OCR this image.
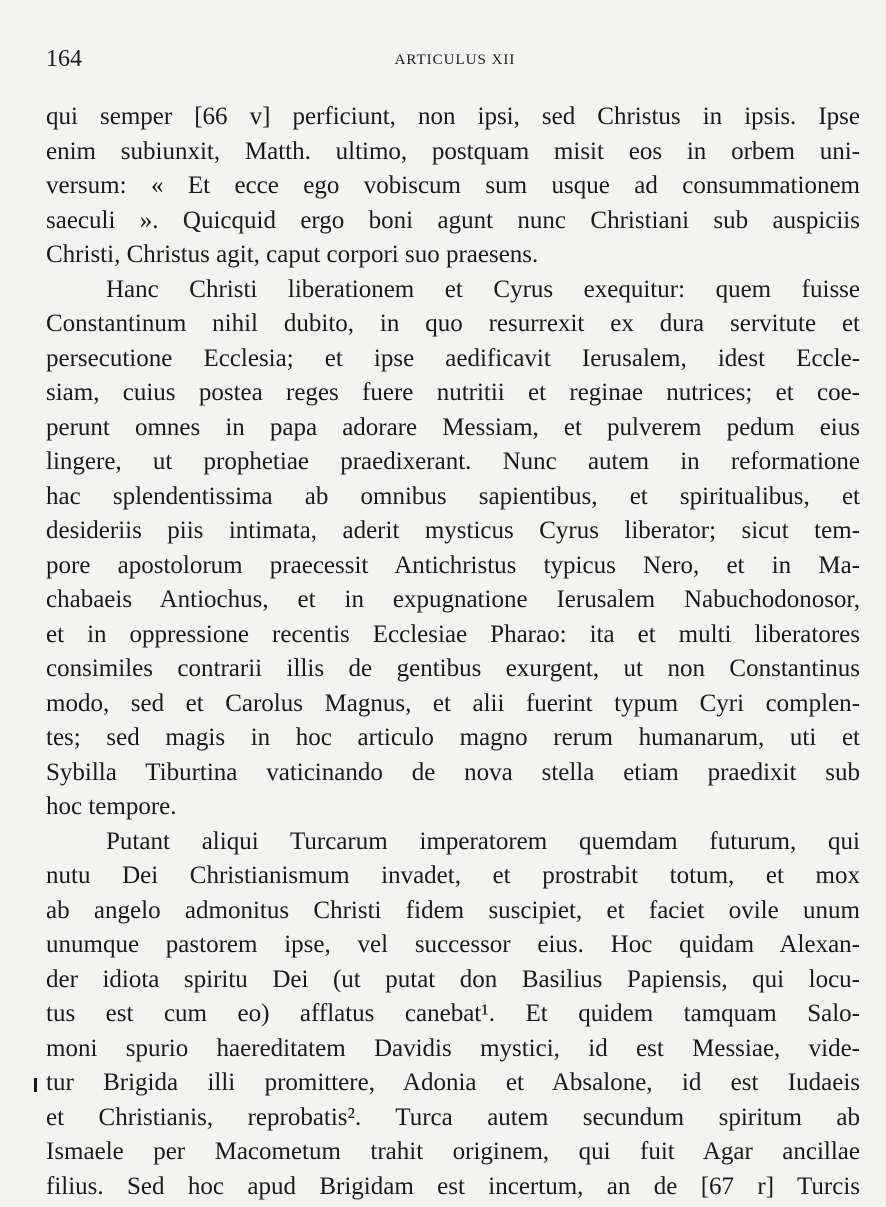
164	ARTICULUS XII
qui semper [66 v] perficiunt, non ipsi, sed Christus in ipsis. Ipse
enim subiunxit, Matth. ultimo, postquam misit eos in orbem uni-
versum: « Et ecce ego vobiscum sum usque ad consummationem
saeculi ». Quicquid ergo boni agunt nunc Christiani sub auspiciis
Christi, Christus agit, caput corpori suo praesens.
Hanc Christi liberationem et Cyrus exequitur: quem fuisse
Constantinum nihil dubito, in quo resurrexit ex dura servitute et
persecutione Ecclesia; et ipse aedificavit Ierusalem, idest Eccle-
siam, cuius postea reges fuere nutritii et reginae nutrices; et coe-
perunt omnes in papa adorare Messiam, et pulverem pedum eius
lingere, ut prophetiae praedixerant. Nunc autem in reformatione
hac splendentissima ab omnibus sapientibus, et spiritualibus, et
desideriis piis intimata, aderit mysticus Cyrus liberator; sicut tem-
pore apostolorum praecessit Antichristus typicus Nero, et in Ma-
chabaeis Antiochus, et in expugnatione Ierusalem Nabuchodonosor,
et in oppressione recentis Ecclesiae Pharao: ita et multi liberatores
consimiles contrarii illis de gentibus exurgent, ut non Constantinus
modo, sed et Carolus Magnus, et alii fuerint typum Cyri complen-
tes; sed magis in hoc articulo magno rerum humanarum, uti et
Sybilla Tiburtina vaticinando de nova stella etiam praedixit sub
hoc tempore.
Putant aliqui Turcarum imperatorem quemdam futurum, qui
nutu Dei Christianismum invadet, et prostrabit totum, et mox
ab angelo admonitus Christi fidem suscipiet, et faciet ovile unum
unumque pastorem ipse, vel successor eius. Hoc quidam Alexan-
der idiota spiritu Dei (ut putat don Basilius Papiensis, qui locu-
tus est cum eo) afflatus canebat¹. Et quidem tamquam Salo-
moni spurio haereditatem Davidis mystici, id est Messiae, vide-
tur Brigida illi promittere, Adonia et Absalone, id est Iudaeis
et Christianis, reprobatis². Turca autem secundum spiritum ab
Ismaele per Macometum trahit originem, qui fuit Agar ancillae
filius. Sed hoc apud Brigidam est incertum, an de [67 r] Turcis
